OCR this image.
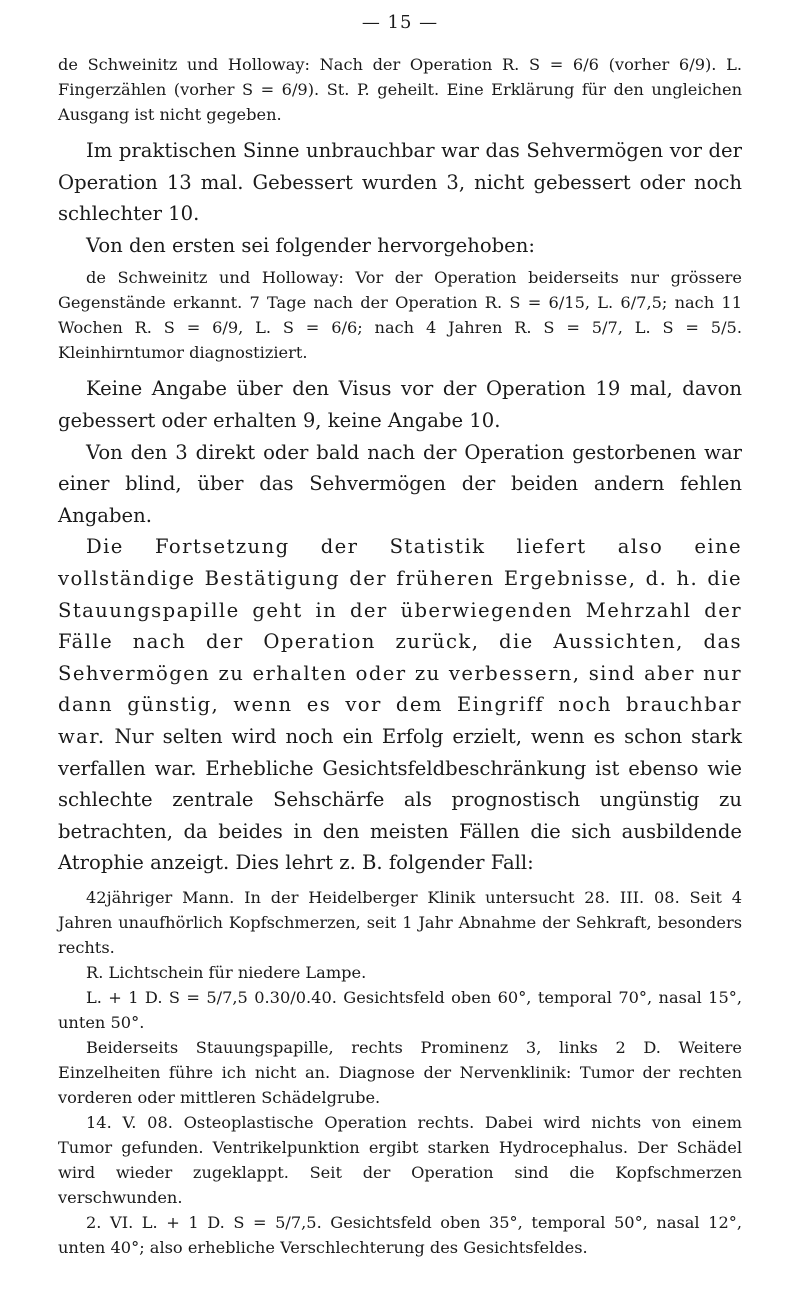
— 15 —

de Schweinitz und Holloway: Nach der Operation R. S = 6/6 (vorher 6/9). L. Fingerzählen (vorher S = 6/9). St. P. geheilt. Eine Erklärung für den ungleichen Ausgang ist nicht gegeben.

Im praktischen Sinne unbrauchbar war das Sehvermögen vor der Operation 13 mal. Gebessert wurden 3, nicht gebessert oder noch schlechter 10.

Von den ersten sei folgender hervorgehoben:

de Schweinitz und Holloway: Vor der Operation beiderseits nur grössere Gegenstände erkannt. 7 Tage nach der Operation R. S = 6/15, L. 6/7,5; nach 11 Wochen R. S = 6/9, L. S = 6/6; nach 4 Jahren R. S = 5/7, L. S = 5/5. Kleinhirntumor diagnostiziert.

Keine Angabe über den Visus vor der Operation 19 mal, davon gebessert oder erhalten 9, keine Angabe 10.

Von den 3 direkt oder bald nach der Operation gestorbenen war einer blind, über das Sehvermögen der beiden andern fehlen Angaben.

Die Fortsetzung der Statistik liefert also eine vollständige Bestätigung der früheren Ergebnisse, d. h. die Stauungspapille geht in der überwiegenden Mehrzahl der Fälle nach der Operation zurück, die Aussichten, das Sehvermögen zu erhalten oder zu verbessern, sind aber nur dann günstig, wenn es vor dem Eingriff noch brauchbar war. Nur selten wird noch ein Erfolg erzielt, wenn es schon stark verfallen war. Erhebliche Gesichtsfeldbeschränkung ist ebenso wie schlechte zentrale Sehschärfe als prognostisch ungünstig zu betrachten, da beides in den meisten Fällen die sich ausbildende Atrophie anzeigt. Dies lehrt z. B. folgender Fall:

42jähriger Mann. In der Heidelberger Klinik untersucht 28. III. 08. Seit 4 Jahren unaufhörlich Kopfschmerzen, seit 1 Jahr Abnahme der Sehkraft, besonders rechts.

R. Lichtschein für niedere Lampe.

L. + 1 D. S = 5/7,5 0.30/0.40. Gesichtsfeld oben 60°, temporal 70°, nasal 15°, unten 50°.

Beiderseits Stauungspapille, rechts Prominenz 3, links 2 D. Weitere Einzelheiten führe ich nicht an. Diagnose der Nervenklinik: Tumor der rechten vorderen oder mittleren Schädelgrube.

14. V. 08. Osteoplastische Operation rechts. Dabei wird nichts von einem Tumor gefunden. Ventrikelpunktion ergibt starken Hydrocephalus. Der Schädel wird wieder zugeklappt. Seit der Operation sind die Kopfschmerzen verschwunden.

2. VI. L. + 1 D. S = 5/7,5. Gesichtsfeld oben 35°, temporal 50°, nasal 12°, unten 40°; also erhebliche Verschlechterung des Gesichtsfeldes.
